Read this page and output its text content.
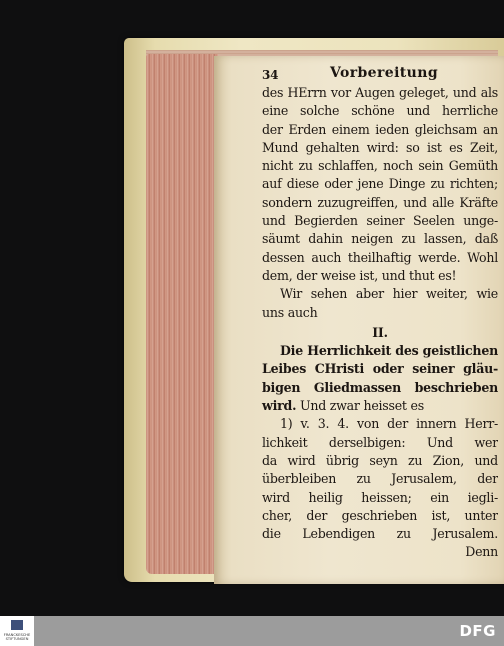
34	Vorbereitung
des HErrn vor Augen geleget, und als
eine solche schöne und herrliche
der Erden einem ieden gleichsam an
Mund gehalten wird: so ist es Zeit,
nicht zu schlaffen, noch sein Gemüth
auf diese oder jene Dinge zu richten;
sondern zuzugreiffen, und alle Kräfte
und Begierden seiner Seelen unge-
säumt dahin neigen zu lassen, daß
dessen auch theilhaftig werde. Wohl
dem, der weise ist, und thut es!
Wir sehen aber hier weiter, wie
uns auch
II.
Die Herrlichkeit des geistlichen
Leibes CHristi oder seiner gläu-
bigen Gliedmassen beschrieben
wird. Und zwar heisset es
1) v. 3. 4. von der innern Herr-
lichkeit derselbigen: Und wer
da wird übrig seyn zu Zion, und
überbleiben zu Jerusalem, der
wird heilig heissen; ein iegli-
cher, der geschrieben ist, unter
die Lebendigen zu Jerusalem.
Denn
FRANCKESCHE STIFTUNGEN	DFG
